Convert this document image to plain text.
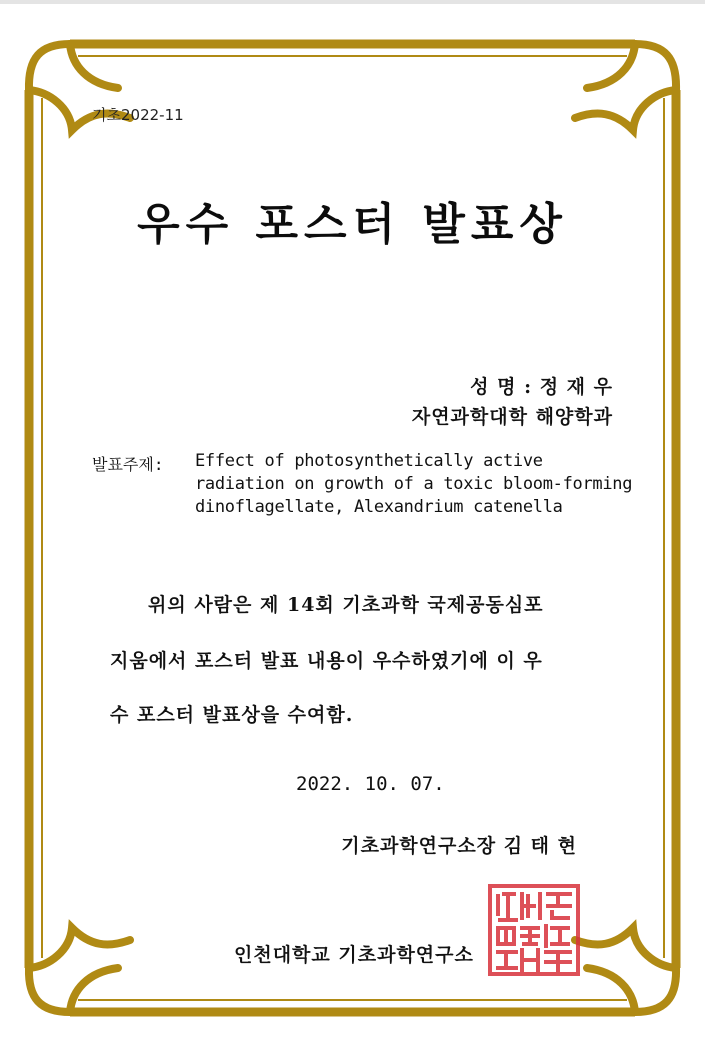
기초2022-11
우수 포스터 발표상
성 명 : 정 재 우
자연과학대학 해양학과
발표주제: Effect of photosynthetically active radiation on growth of a toxic bloom-forming dinoflagellate, Alexandrium catenella
위의 사람은 제 14회 기초과학 국제공동심포
지움에서 포스터 발표 내용이 우수하였기에 이 우
수 포스터 발표상을 수여함.
2022. 10. 07.
기초과학연구소장 김 태 현
인천대학교 기초과학연구소
